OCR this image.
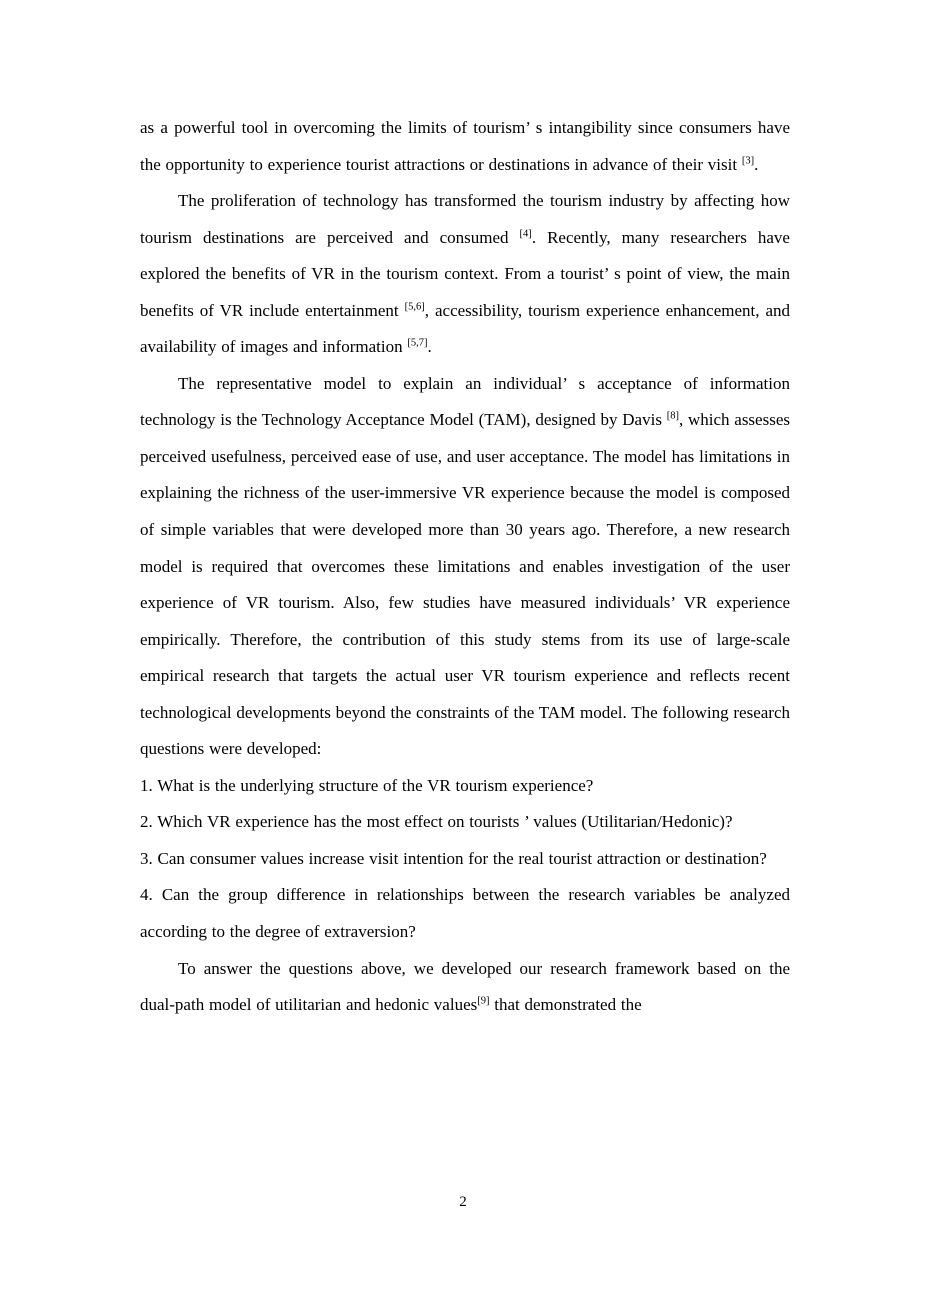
as a powerful tool in overcoming the limits of tourism’ s intangibility since consumers have the opportunity to experience tourist attractions or destinations in advance of their visit [3].

The proliferation of technology has transformed the tourism industry by affecting how tourism destinations are perceived and consumed [4]. Recently, many researchers have explored the benefits of VR in the tourism context. From a tourist’ s point of view, the main benefits of VR include entertainment [5,6], accessibility, tourism experience enhancement, and availability of images and information [5,7].

The representative model to explain an individual’ s acceptance of information technology is the Technology Acceptance Model (TAM), designed by Davis [8], which assesses perceived usefulness, perceived ease of use, and user acceptance. The model has limitations in explaining the richness of the user-immersive VR experience because the model is composed of simple variables that were developed more than 30 years ago. Therefore, a new research model is required that overcomes these limitations and enables investigation of the user experience of VR tourism. Also, few studies have measured individuals’ VR experience empirically. Therefore, the contribution of this study stems from its use of large-scale empirical research that targets the actual user VR tourism experience and reflects recent technological developments beyond the constraints of the TAM model. The following research questions were developed:

1. What is the underlying structure of the VR tourism experience?

2. Which VR experience has the most effect on tourists ’ values (Utilitarian/Hedonic)?

3. Can consumer values increase visit intention for the real tourist attraction or destination?

4. Can the group difference in relationships between the research variables be analyzed according to the degree of extraversion?

To answer the questions above, we developed our research framework based on the dual-path model of utilitarian and hedonic values[9] that demonstrated the

2
